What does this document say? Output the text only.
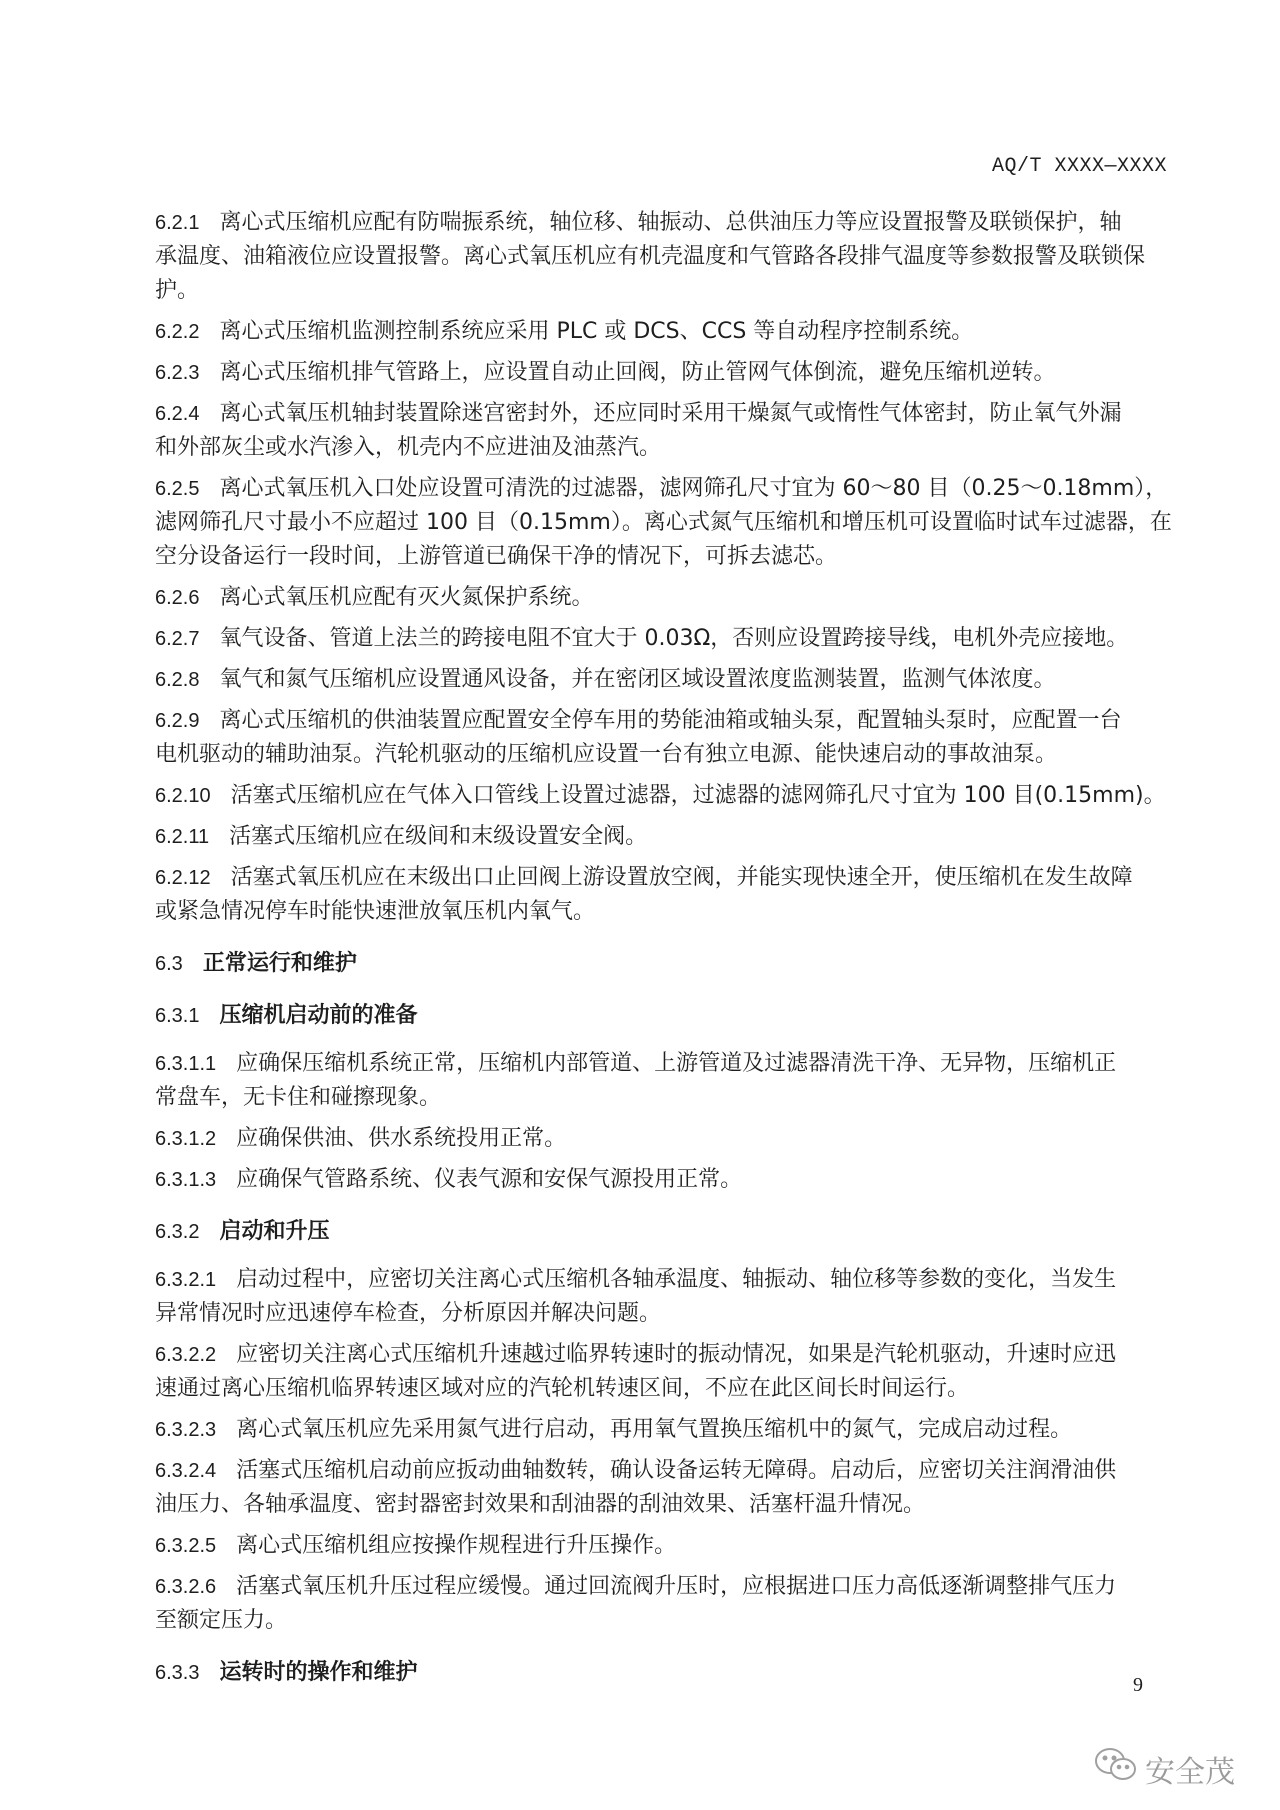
AQ/T XXXX—XXXX
6.2.1 离心式压缩机应配有防喘振系统，轴位移、轴振动、总供油压力等应设置报警及联锁保护，轴
承温度、油箱液位应设置报警。离心式氧压机应有机壳温度和气管路各段排气温度等参数报警及联锁保
护。
6.2.2 离心式压缩机监测控制系统应采用 PLC 或 DCS、CCS 等自动程序控制系统。
6.2.3 离心式压缩机排气管路上，应设置自动止回阀，防止管网气体倒流，避免压缩机逆转。
6.2.4 离心式氧压机轴封装置除迷宫密封外，还应同时采用干燥氮气或惰性气体密封，防止氧气外漏
和外部灰尘或水汽渗入，机壳内不应进油及油蒸汽。
6.2.5 离心式氧压机入口处应设置可清洗的过滤器，滤网筛孔尺寸宜为 60～80 目（0.25～0.18mm），
滤网筛孔尺寸最小不应超过 100 目（0.15mm）。离心式氮气压缩机和增压机可设置临时试车过滤器，在
空分设备运行一段时间，上游管道已确保干净的情况下，可拆去滤芯。
6.2.6 离心式氧压机应配有灭火氮保护系统。
6.2.7 氧气设备、管道上法兰的跨接电阻不宜大于 0.03Ω，否则应设置跨接导线，电机外壳应接地。
6.2.8 氧气和氮气压缩机应设置通风设备，并在密闭区域设置浓度监测装置，监测气体浓度。
6.2.9 离心式压缩机的供油装置应配置安全停车用的势能油箱或轴头泵，配置轴头泵时，应配置一台
电机驱动的辅助油泵。汽轮机驱动的压缩机应设置一台有独立电源、能快速启动的事故油泵。
6.2.10 活塞式压缩机应在气体入口管线上设置过滤器，过滤器的滤网筛孔尺寸宜为 100 目(0.15mm)。
6.2.11 活塞式压缩机应在级间和末级设置安全阀。
6.2.12 活塞式氧压机应在末级出口止回阀上游设置放空阀，并能实现快速全开，使压缩机在发生故障
或紧急情况停车时能快速泄放氧压机内氧气。
6.3 正常运行和维护
6.3.1 压缩机启动前的准备
6.3.1.1 应确保压缩机系统正常，压缩机内部管道、上游管道及过滤器清洗干净、无异物，压缩机正
常盘车，无卡住和碰擦现象。
6.3.1.2 应确保供油、供水系统投用正常。
6.3.1.3 应确保气管路系统、仪表气源和安保气源投用正常。
6.3.2 启动和升压
6.3.2.1 启动过程中，应密切关注离心式压缩机各轴承温度、轴振动、轴位移等参数的变化，当发生
异常情况时应迅速停车检查，分析原因并解决问题。
6.3.2.2 应密切关注离心式压缩机升速越过临界转速时的振动情况，如果是汽轮机驱动，升速时应迅
速通过离心压缩机临界转速区域对应的汽轮机转速区间，不应在此区间长时间运行。
6.3.2.3 离心式氧压机应先采用氮气进行启动，再用氧气置换压缩机中的氮气，完成启动过程。
6.3.2.4 活塞式压缩机启动前应扳动曲轴数转，确认设备运转无障碍。启动后，应密切关注润滑油供
油压力、各轴承温度、密封器密封效果和刮油器的刮油效果、活塞杆温升情况。
6.3.2.5 离心式压缩机组应按操作规程进行升压操作。
6.3.2.6 活塞式氧压机升压过程应缓慢。通过回流阀升压时，应根据进口压力高低逐渐调整排气压力
至额定压力。
6.3.3 运转时的操作和维护	9
安全茂
